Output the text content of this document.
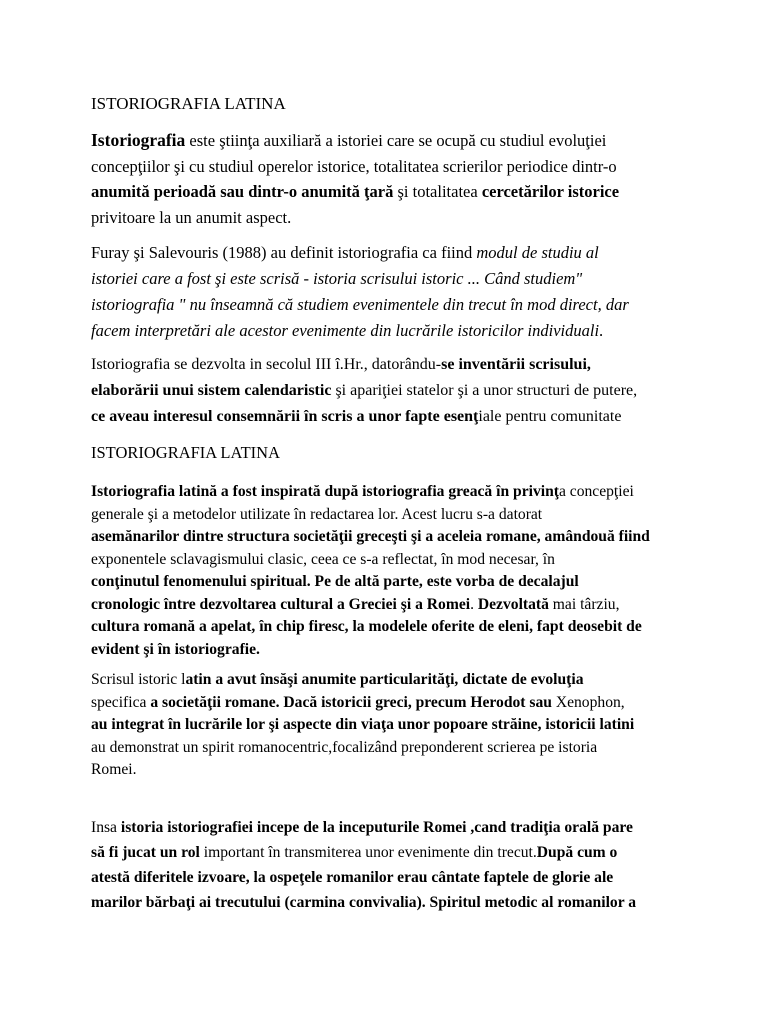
ISTORIOGRAFIA LATINA

Istoriografia este ştiinţa auxiliară a istoriei care se ocupă cu studiul evoluţiei

concepţiilor şi cu studiul operelor istorice, totalitatea scrierilor periodice dintr-o

anumită perioadă sau dintr-o anumită ţară şi totalitatea cercetărilor istorice

privitoare la un anumit aspect.

Furay şi Salevouris (1988) au definit istoriografia ca fiind modul de studiu al

istoriei care a fost şi este scrisă - istoria scrisului istoric ... Când studiem"

istoriografia " nu înseamnă că studiem evenimentele din trecut în mod direct, dar

facem interpretări ale acestor evenimente din lucrările istoricilor individuali.

Istoriografia se dezvolta in secolul III î.Hr., datorându-se inventării scrisului,

elaborării unui sistem calendaristic şi apariţiei statelor şi a unor structuri de putere,

ce aveau interesul consemnării în scris a unor fapte esenţiale pentru comunitate

ISTORIOGRAFIA LATINA

Istoriografia latină a fost inspirată după istoriografia greacă în privinţa concepţiei

generale şi a metodelor utilizate în redactarea lor. Acest lucru s-a datorat

asemănarilor dintre structura societăţii greceşti şi a aceleia romane, amândouă fiind

exponentele sclavagismului clasic, ceea ce s-a reflectat, în mod necesar, în

conţinutul fenomenului spiritual. Pe de altă parte, este vorba de decalajul

cronologic între dezvoltarea cultural a Greciei şi a Romei. Dezvoltată mai târziu,

cultura romană a apelat, în chip firesc, la modelele oferite de eleni, fapt deosebit de

evident şi în istoriografie.

Scrisul istoric latin a avut însăşi anumite particularităţi, dictate de evoluţia

specifica a societăţii romane. Dacă istoricii greci, precum Herodot sau Xenophon,

au integrat în lucrările lor şi aspecte din viaţa unor popoare străine, istoricii latini

au demonstrat un spirit romanocentric,focalizând preponderent scrierea pe istoria

Romei.

Insa istoria istoriografiei incepe de la inceputurile Romei ,cand tradiţia orală pare

să fi jucat un rol important în transmiterea unor evenimente din trecut.După cum o

atestă diferitele izvoare, la ospeţele romanilor erau cântate faptele de glorie ale

marilor bărbaţi ai trecutului (carmina convivalia). Spiritul metodic al romanilor a
